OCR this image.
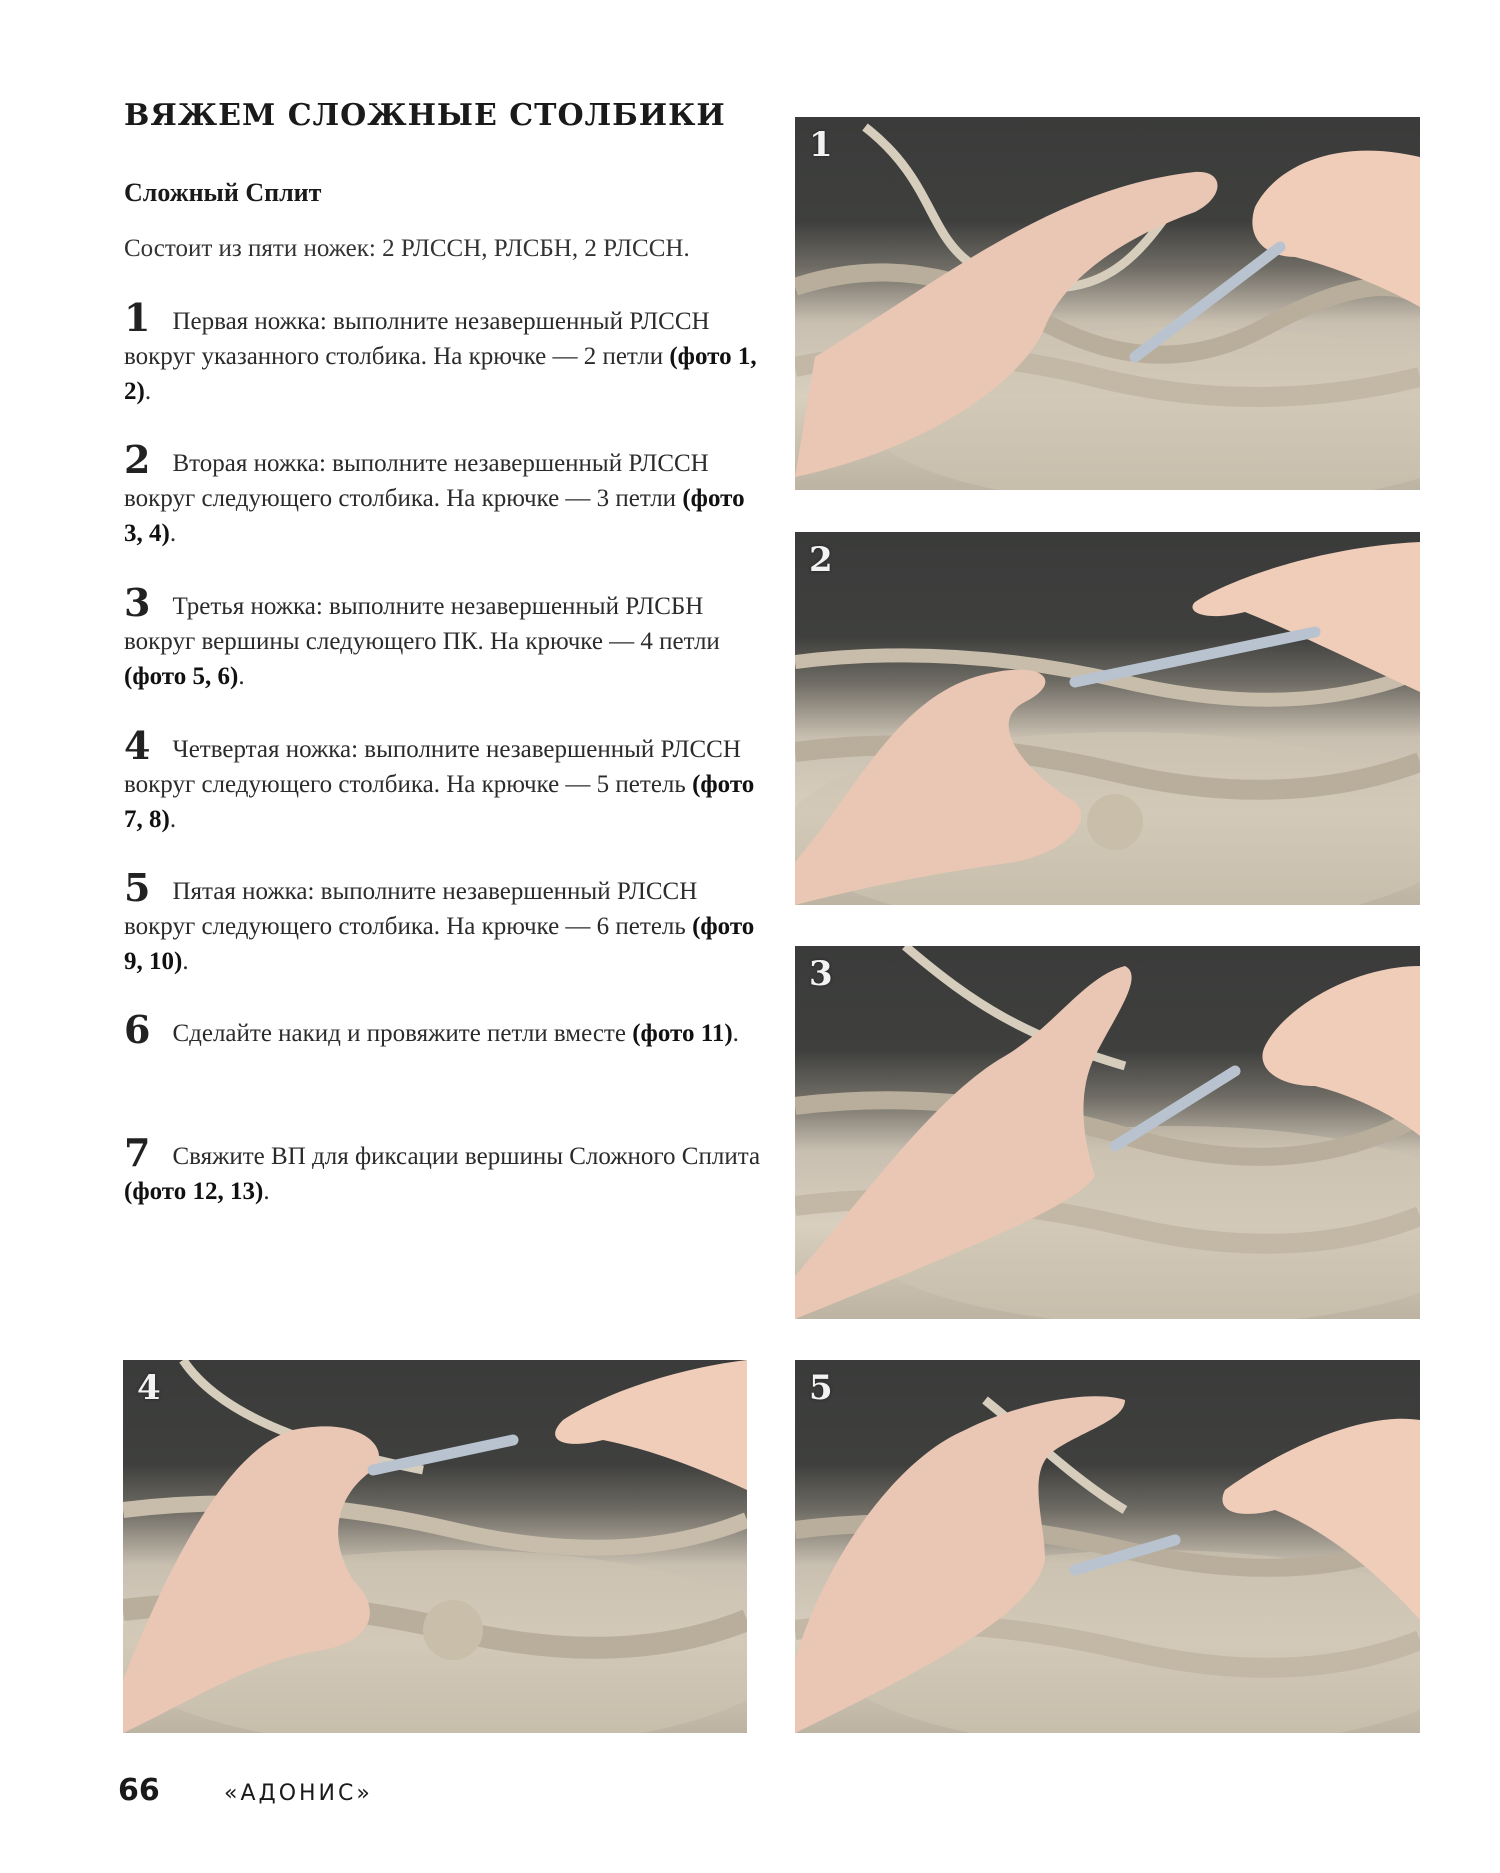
ВЯЖЕМ СЛОЖНЫЕ СТОЛБИКИ
Сложный Сплит
Состоит из пяти ножек: 2 РЛССН, РЛСБН, 2 РЛССН.
1 Первая ножка: выполните незавершенный РЛССН вокруг указанного столбика. На крючке — 2 петли (фото 1, 2).
2 Вторая ножка: выполните незавершенный РЛССН вокруг следующего столбика. На крючке — 3 петли (фото 3, 4).
3 Третья ножка: выполните незавершенный РЛСБН вокруг вершины следующего ПК. На крючке — 4 петли (фото 5, 6).
4 Четвертая ножка: выполните незавершенный РЛССН вокруг следующего столбика. На крючке — 5 петель (фото 7, 8).
5 Пятая ножка: выполните незавершенный РЛССН вокруг следующего столбика. На крючке — 6 петель (фото 9, 10).
6 Сделайте накид и провяжите петли вместе (фото 11).
7 Свяжите ВП для фиксации вершины Сложного Сплита (фото 12, 13).
1
2
3
4	5
66	«АДОНИС»
